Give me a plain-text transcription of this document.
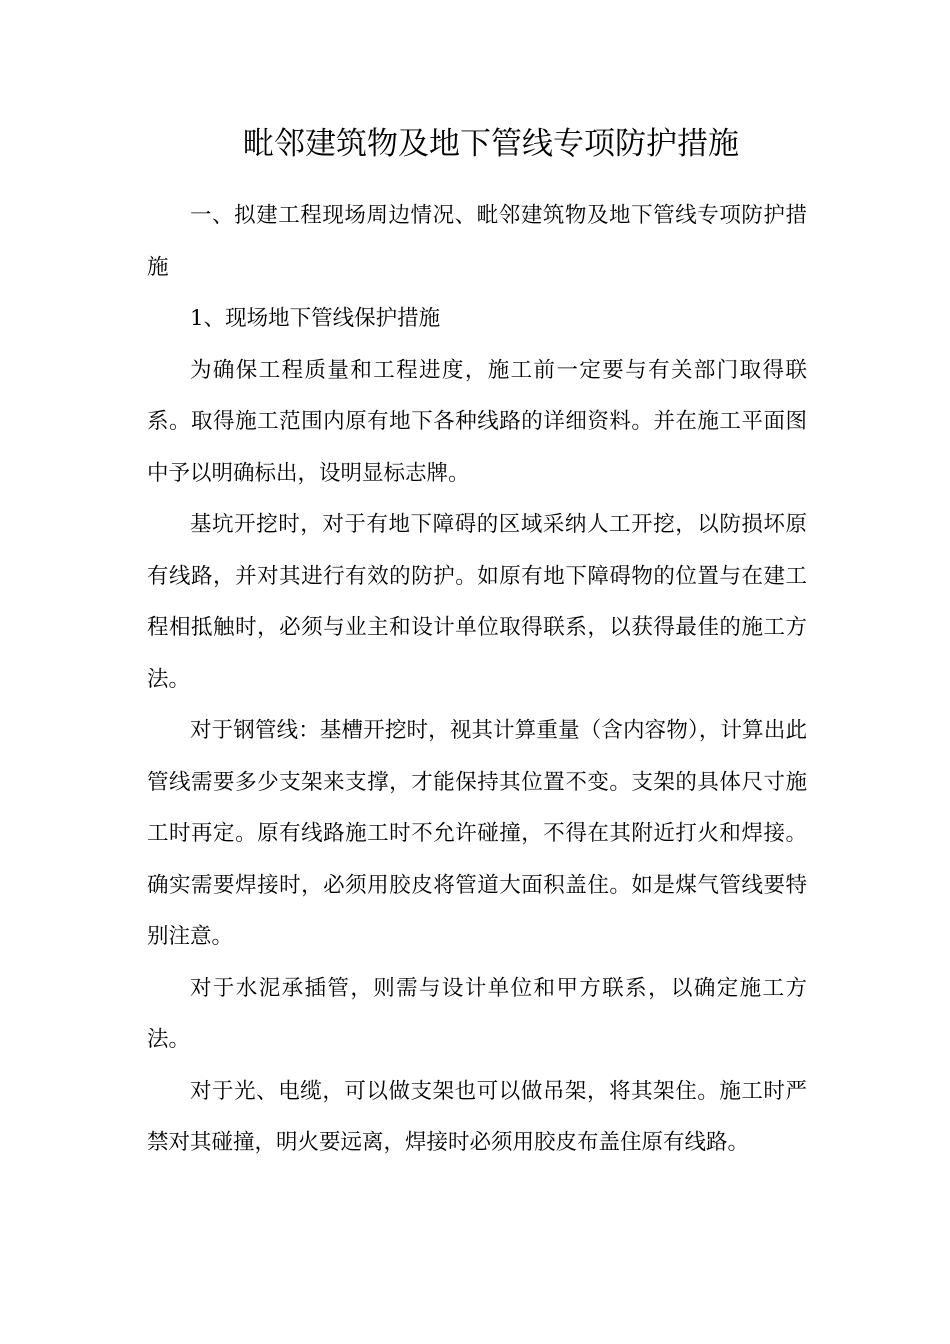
毗邻建筑物及地下管线专项防护措施

一、拟建工程现场周边情况、毗邻建筑物及地下管线专项防护措施

1、现场地下管线保护措施

为确保工程质量和工程进度，施工前一定要与有关部门取得联系。取得施工范围内原有地下各种线路的详细资料。并在施工平面图中予以明确标出，设明显标志牌。

基坑开挖时，对于有地下障碍的区域采纳人工开挖，以防损坏原有线路，并对其进行有效的防护。如原有地下障碍物的位置与在建工程相抵触时，必须与业主和设计单位取得联系，以获得最佳的施工方法。

对于钢管线：基槽开挖时，视其计算重量（含内容物），计算出此管线需要多少支架来支撑，才能保持其位置不变。支架的具体尺寸施工时再定。原有线路施工时不允许碰撞，不得在其附近打火和焊接。确实需要焊接时，必须用胶皮将管道大面积盖住。如是煤气管线要特别注意。

对于水泥承插管，则需与设计单位和甲方联系，以确定施工方法。

对于光、电缆，可以做支架也可以做吊架，将其架住。施工时严禁对其碰撞，明火要远离，焊接时必须用胶皮布盖住原有线路。
